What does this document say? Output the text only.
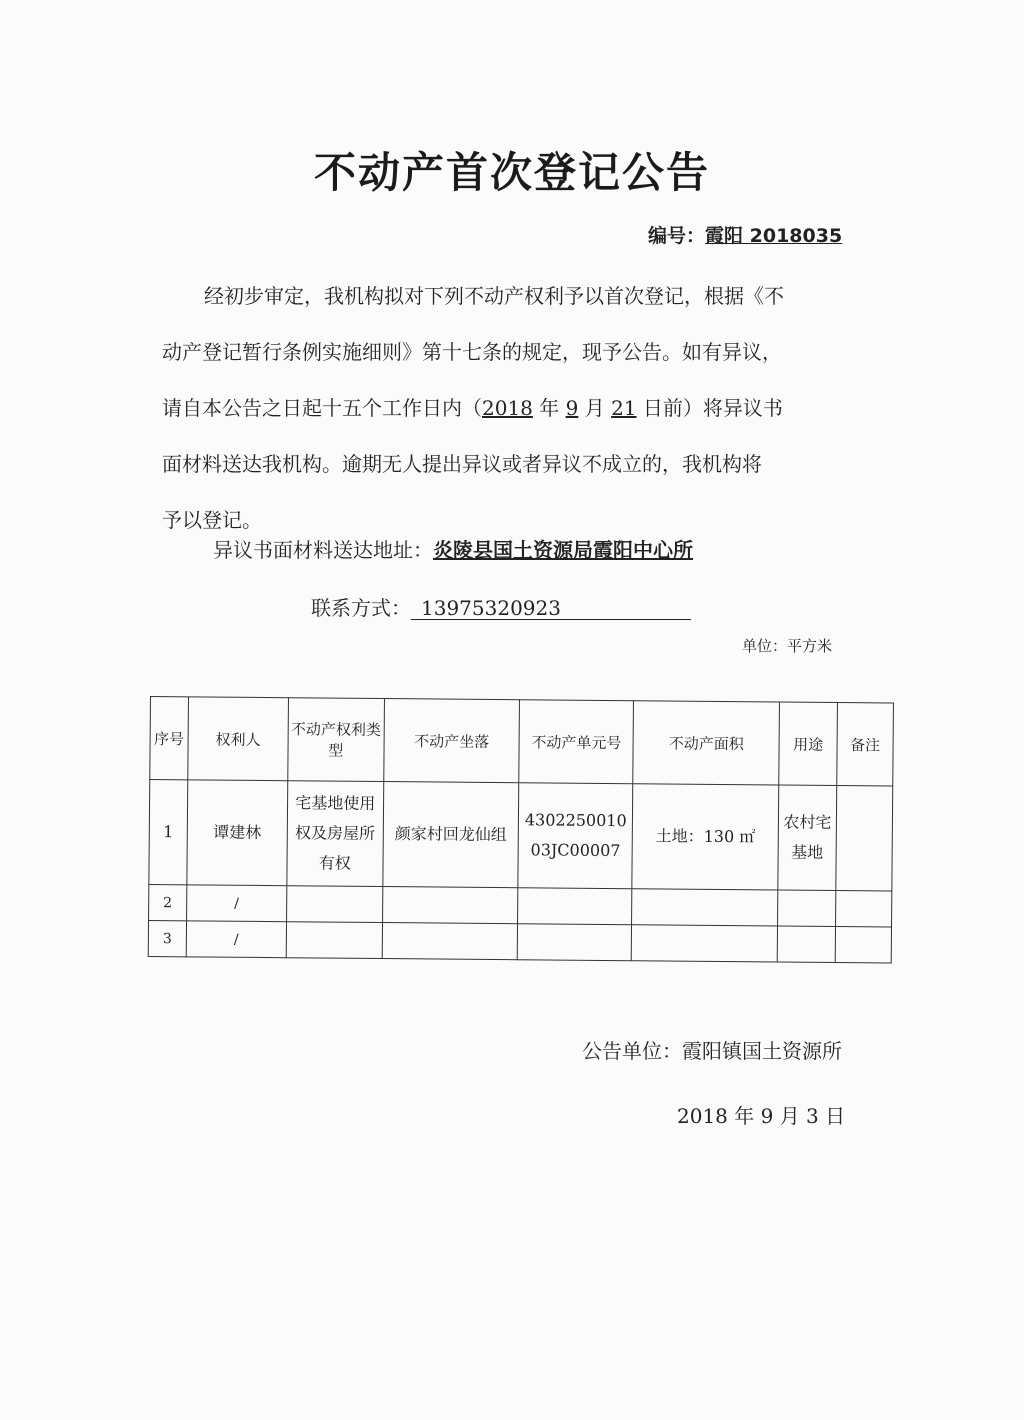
不动产首次登记公告
编号：霞阳 2018035
经初步审定，我机构拟对下列不动产权利予以首次登记，根据《不
动产登记暂行条例实施细则》第十七条的规定，现予公告。如有异议，
请自本公告之日起十五个工作日内（2018 年 9 月 21 日前）将异议书
面材料送达我机构。逾期无人提出异议或者异议不成立的，我机构将
予以登记。
异议书面材料送达地址：炎陵县国土资源局霞阳中心所
联系方式： 13975320923
单位：平方米
序号	权利人	不动产权利类型	不动产坐落	不动产单元号	不动产面积	用途	备注
1	谭建林	宅基地使用权及房屋所有权	颜家村回龙仙组	430225001003JC00007	土地：130 ㎡	农村宅基地	
2	/						
3	/						
公告单位：霞阳镇国土资源所
2018 年 9 月 3 日
